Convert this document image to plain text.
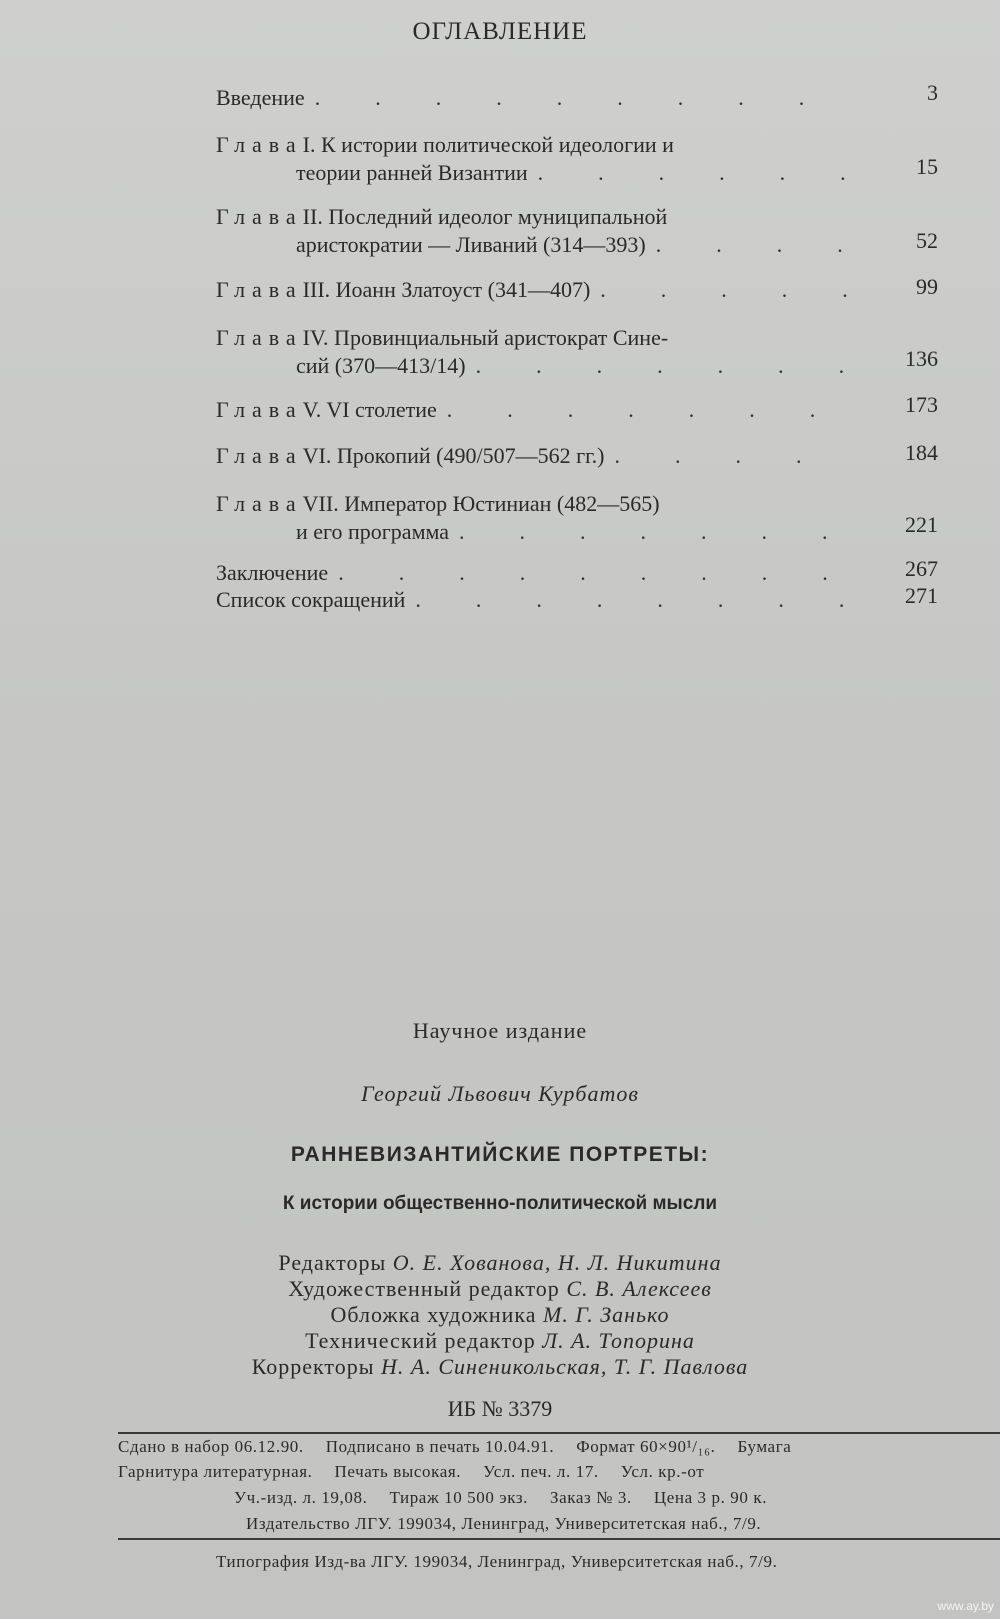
ОГЛАВЛЕНИЕ
Введение .	3
Глава I. К истории политической идеологии и
теории ранней Византии .	15
Глава II. Последний идеолог муниципальной
аристократии — Ливаний (314—393) .	52
Глава III. Иоанн Златоуст (341—407) .	99
Глава IV. Провинциальный аристократ Сине-
сий (370—413/14) .	136
Глава V. VI столетие .	173
Глава VI. Прокопий (490/507—562 гг.) .	184
Глава VII. Император Юстиниан (482—565)
и его программа .	221
Заключение .	267
Список сокращений .	271
Научное издание
Георгий Львович Курбатов
РАННЕВИЗАНТИЙСКИЕ ПОРТРЕТЫ:
К истории общественно-политической мысли
Редакторы О. Е. Хованова, Н. Л. Никитина
Художественный редактор С. В. Алексеев
Обложка художника М. Г. Занько
Технический редактор Л. А. Топорина
Корректоры Н. А. Синеникольская, Т. Г. Павлова
ИБ № 3379
Сдано в набор 06.12.90. Подписано в печать 10.04.91. Формат 60×90¹/₁₆. Бумага
Гарнитура литературная. Печать высокая. Усл. печ. л. 17. Усл. кр.-от
Уч.-изд. л. 19,08. Тираж 10 500 экз. Заказ № 3. Цена 3 р. 90 к.
Издательство ЛГУ. 199034, Ленинград, Университетская наб., 7/9.
Типография Изд-ва ЛГУ. 199034, Ленинград, Университетская наб., 7/9.
www.ay.by
